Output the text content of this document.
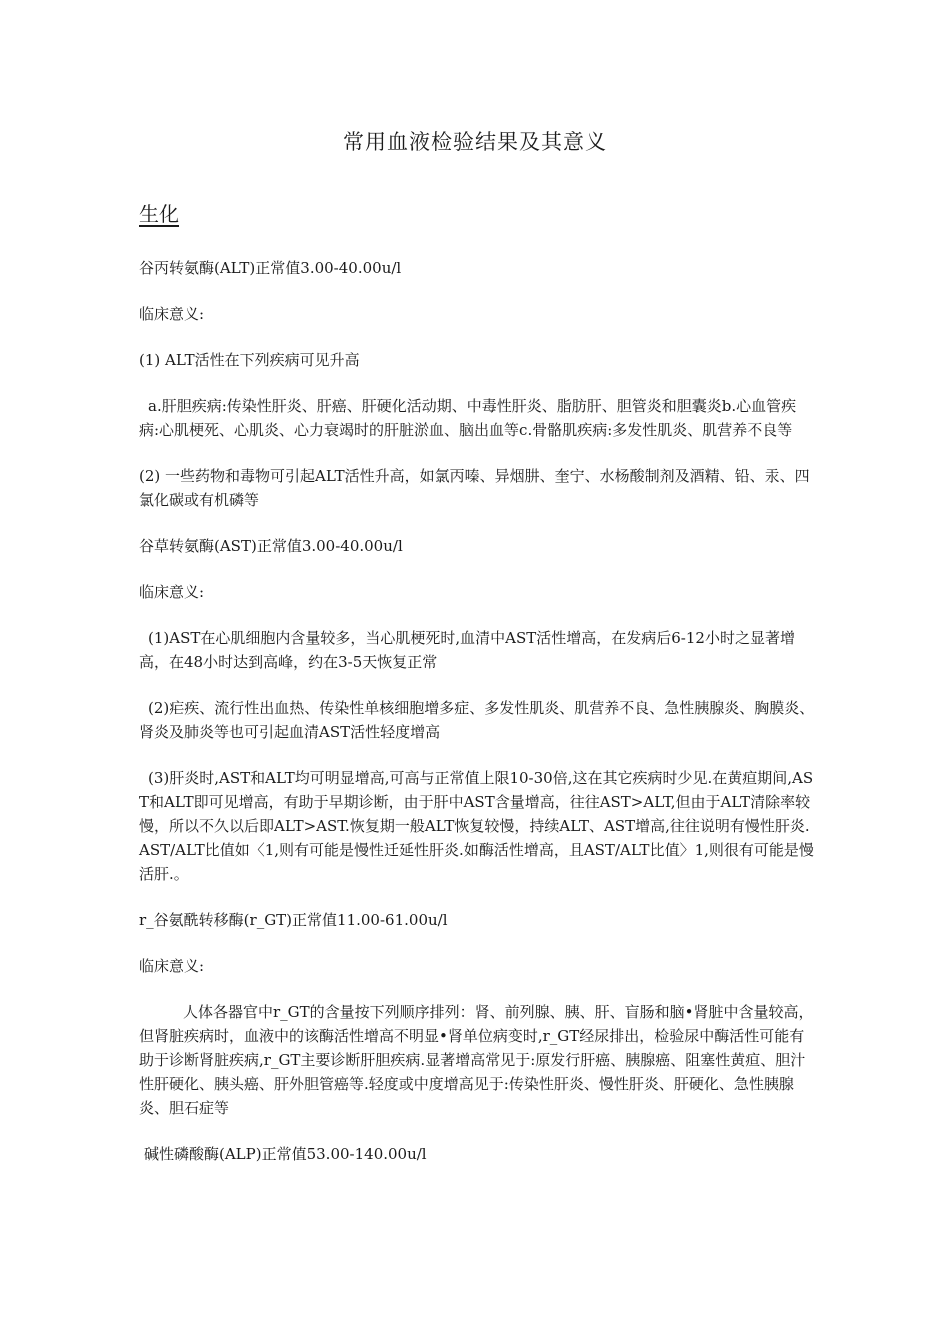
常用血液检验结果及其意义
生化

谷丙转氨酶(ALT)正常值3.00-40.00u/l

临床意义:

(1) ALT活性在下列疾病可见升高

a.肝胆疾病:传染性肝炎、肝癌、肝硬化活动期、中毒性肝炎、脂肪肝、胆管炎和胆囊炎b.心血管疾病:心肌梗死、心肌炎、心力衰竭时的肝脏淤血、脑出血等c.骨骼肌疾病:多发性肌炎、肌营养不良等

(2) 一些药物和毒物可引起ALT活性升高，如氯丙嗪、异烟肼、奎宁、水杨酸制剂及酒精、铅、汞、四氯化碳或有机磷等

谷草转氨酶(AST)正常值3.00-40.00u/l

临床意义:

(1)AST在心肌细胞内含量较多，当心肌梗死时,血清中AST活性增高，在发病后6-12小时之显著增高，在48小时达到高峰，约在3-5天恢复正常

(2)疟疾、流行性出血热、传染性单核细胞增多症、多发性肌炎、肌营养不良、急性胰腺炎、胸膜炎、肾炎及肺炎等也可引起血清AST活性轻度增高

(3)肝炎时,AST和ALT均可明显增高,可高与正常值上限10-30倍,这在其它疾病时少见.在黄疸期间,AST和ALT即可见增高，有助于早期诊断，由于肝中AST含量增高，往往AST>ALT,但由于ALT清除率较慢，所以不久以后即ALT>AST.恢复期一般ALT恢复较慢，持续ALT、AST增高,往往说明有慢性肝炎.AST/ALT比值如〈1,则有可能是慢性迁延性肝炎.如酶活性增高，且AST/ALT比值〉1,则很有可能是慢活肝.。

r_谷氨酰转移酶(r_GT)正常值11.00-61.00u/l

临床意义:

人体各器官中r_GT的含量按下列顺序排列：肾、前列腺、胰、肝、盲肠和脑•肾脏中含量较高，但肾脏疾病时，血液中的该酶活性增高不明显•肾单位病变时,r_GT经尿排出，检验尿中酶活性可能有助于诊断肾脏疾病,r_GT主要诊断肝胆疾病.显著增高常见于:原发行肝癌、胰腺癌、阻塞性黄疸、胆汁性肝硬化、胰头癌、肝外胆管癌等.轻度或中度增高见于:传染性肝炎、慢性肝炎、肝硬化、急性胰腺炎、胆石症等

碱性磷酸酶(ALP)正常值53.00-140.00u/l
